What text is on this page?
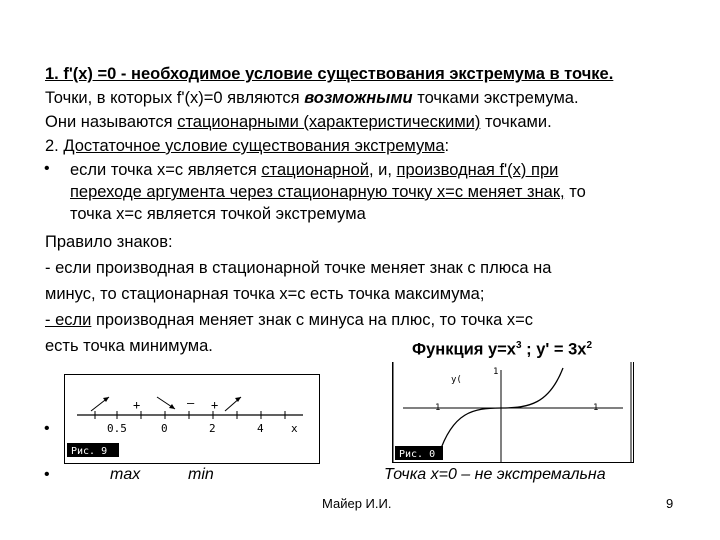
1. f'(x) =0 - необходимое условие существования экстремума в точке.
Точки, в которых f'(x)=0 являются возможными точками экстремума.
Они называются стационарными (характеристическими) точками.
2. Достаточное условие существования экстремума:
• если точка x=c является стационарной, и, производная f'(x) при
переходе аргумента через стационарную точку x=c меняет знак, то
точка x=c является точкой экстремума
Правило знаков:
- если производная в стационарной точке меняет знак с плюса на
минус, то стационарная точка x=c есть точка максимума;
- если производная меняет знак с минуса на плюс, то точка x=c
есть точка минимума.	Функция $y=x^3$ ; $y' = 3x^2$
+	— +
0.5	0	2	4 x
Рис. 9
y(
1
1	1
Рис. 0
•
•	max	min	Точка x=0 – не экстремальна
Майер И.И.	9
